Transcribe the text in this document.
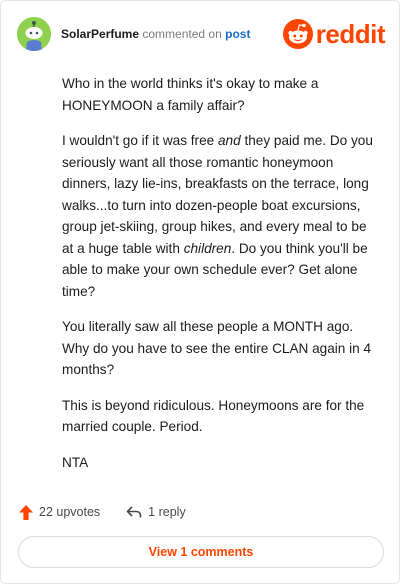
SolarPerfume commented on post	reddit

Who in the world thinks it's okay to make a HONEYMOON a family affair?

I wouldn't go if it was free and they paid me. Do you seriously want all those romantic honeymoon dinners, lazy lie-ins, breakfasts on the terrace, long walks...to turn into dozen-people boat excursions, group jet-skiing, group hikes, and every meal to be at a huge table with children. Do you think you'll be able to make your own schedule ever? Get alone time?

You literally saw all these people a MONTH ago. Why do you have to see the entire CLAN again in 4 months?

This is beyond ridiculous. Honeymoons are for the married couple. Period.

NTA

22 upvotes	1 reply
View 1 comments
